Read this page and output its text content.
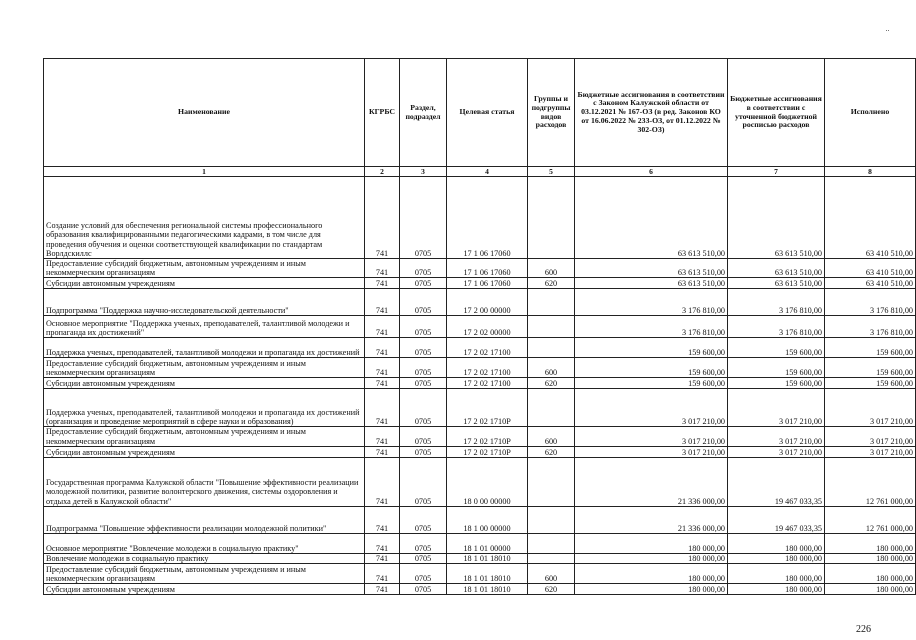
Наименование	КГРБС	Раздел, подраздел	Целевая статья	Группы и подгруппы видов расходов	Бюджетные ассигнования в соответствии с Законом Калужской области от 03.12.2021 № 167-ОЗ (в ред. Законов КО от 16.06.2022 № 233-ОЗ, от 01.12.2022 № 302-ОЗ)	Бюджетные ассигнования в соответствии с уточненной бюджетной росписью расходов	Исполнено
1	2	3	4	5	6	7	8
Создание условий для обеспечения региональной системы профессионального образования квалифицированными педагогическими кадрами, в том числе для проведения обучения и оценки соответствующей квалификации по стандартам Ворлдскиллс	741	0705	17 1 06 17060		63 613 510,00	63 613 510,00	63 410 510,00
Предоставление субсидий бюджетным, автономным учреждениям и иным некоммерческим организациям	741	0705	17 1 06 17060	600	63 613 510,00	63 613 510,00	63 410 510,00
Субсидии автономным учреждениям	741	0705	17 1 06 17060	620	63 613 510,00	63 613 510,00	63 410 510,00
Подпрограмма "Поддержка научно-исследовательской деятельности"	741	0705	17 2 00 00000		3 176 810,00	3 176 810,00	3 176 810,00
Основное мероприятие "Поддержка ученых, преподавателей, талантливой молодежи и пропаганда их достижений"	741	0705	17 2 02 00000		3 176 810,00	3 176 810,00	3 176 810,00
Поддержка ученых, преподавателей, талантливой молодежи и пропаганда их достижений	741	0705	17 2 02 17100		159 600,00	159 600,00	159 600,00
Предоставление субсидий бюджетным, автономным учреждениям и иным некоммерческим организациям	741	0705	17 2 02 17100	600	159 600,00	159 600,00	159 600,00
Субсидии автономным учреждениям	741	0705	17 2 02 17100	620	159 600,00	159 600,00	159 600,00
Поддержка ученых, преподавателей, талантливой молодежи и пропаганда их достижений (организация и проведение мероприятий в сфере науки и образования)	741	0705	17 2 02 1710Р		3 017 210,00	3 017 210,00	3 017 210,00
Предоставление субсидий бюджетным, автономным учреждениям и иным некоммерческим организациям	741	0705	17 2 02 1710Р	600	3 017 210,00	3 017 210,00	3 017 210,00
Субсидии автономным учреждениям	741	0705	17 2 02 1710Р	620	3 017 210,00	3 017 210,00	3 017 210,00
Государственная программа Калужской области "Повышение эффективности реализации молодежной политики, развитие волонтерского движения, системы оздоровления и отдыха детей в Калужской области"	741	0705	18 0 00 00000		21 336 000,00	19 467 033,35	12 761 000,00
Подпрограмма "Повышение эффективности реализации молодежной политики"	741	0705	18 1 00 00000		21 336 000,00	19 467 033,35	12 761 000,00
Основное мероприятие "Вовлечение молодежи в социальную практику"	741	0705	18 1 01 00000		180 000,00	180 000,00	180 000,00
Вовлечение молодежи в социальную практику	741	0705	18 1 01 18010		180 000,00	180 000,00	180 000,00
Предоставление субсидий бюджетным, автономным учреждениям и иным некоммерческим организациям	741	0705	18 1 01 18010	600	180 000,00	180 000,00	180 000,00
Субсидии автономным учреждениям	741	0705	18 1 01 18010	620	180 000,00	180 000,00	180 000,00
226
